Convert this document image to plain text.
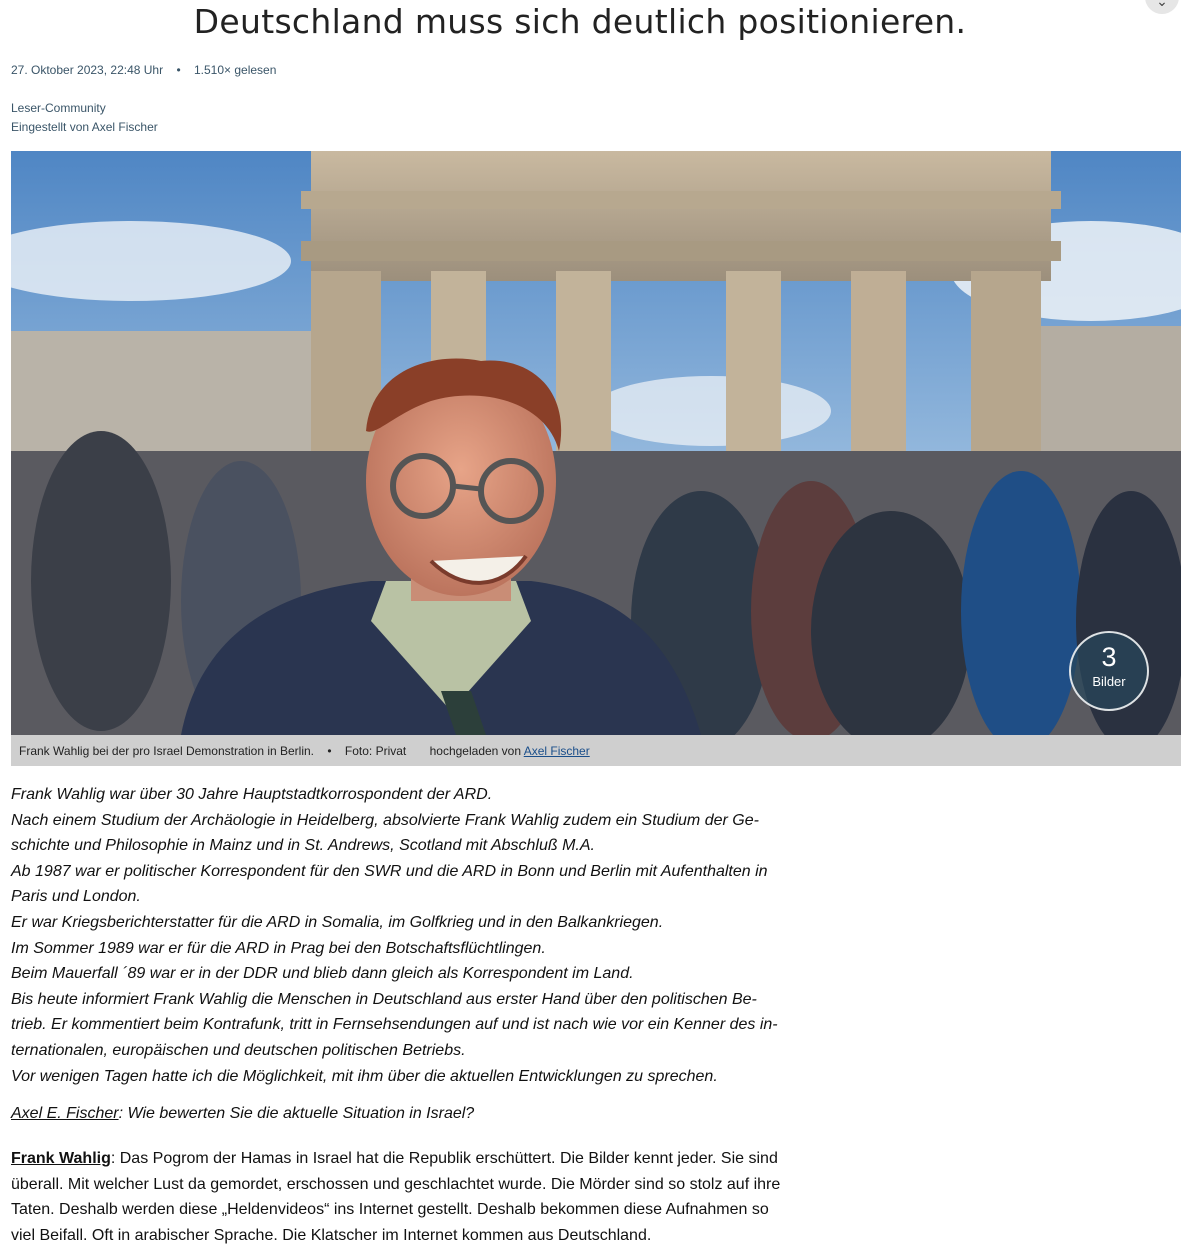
Deutschland muss sich deutlich positionieren.
⌄
27. Oktober 2023, 22:48 Uhr • 1.510× gelesen
Leser-Community
Eingestellt von Axel Fischer
3
Bilder
Frank Wahlig bei der pro Israel Demonstration in Berlin. • Foto: Privat hochgeladen von Axel Fischer
Frank Wahlig war über 30 Jahre Hauptstadtkorrospondent der ARD.
Nach einem Studium der Archäologie in Heidelberg, absolvierte Frank Wahlig zudem ein Studium der Ge-
schichte und Philosophie in Mainz und in St. Andrews, Scotland mit Abschluß M.A.
Ab 1987 war er politischer Korrespondent für den SWR und die ARD in Bonn und Berlin mit Aufenthalten in
Paris und London.
Er war Kriegsberichterstatter für die ARD in Somalia, im Golfkrieg und in den Balkankriegen.
Im Sommer 1989 war er für die ARD in Prag bei den Botschaftsflüchtlingen.
Beim Mauerfall ´89 war er in der DDR und blieb dann gleich als Korrespondent im Land.
Bis heute informiert Frank Wahlig die Menschen in Deutschland aus erster Hand über den politischen Be-
trieb. Er kommentiert beim Kontrafunk, tritt in Fernsehsendungen auf und ist nach wie vor ein Kenner des in-
ternationalen, europäischen und deutschen politischen Betriebs.
Vor wenigen Tagen hatte ich die Möglichkeit, mit ihm über die aktuellen Entwicklungen zu sprechen.
Axel E. Fischer: Wie bewerten Sie die aktuelle Situation in Israel?
Frank Wahlig: Das Pogrom der Hamas in Israel hat die Republik erschüttert. Die Bilder kennt jeder. Sie sind
überall. Mit welcher Lust da gemordet, erschossen und geschlachtet wurde. Die Mörder sind so stolz auf ihre
Taten. Deshalb werden diese „Heldenvideos“ ins Internet gestellt. Deshalb bekommen diese Aufnahmen so
viel Beifall. Oft in arabischer Sprache. Die Klatscher im Internet kommen aus Deutschland.
